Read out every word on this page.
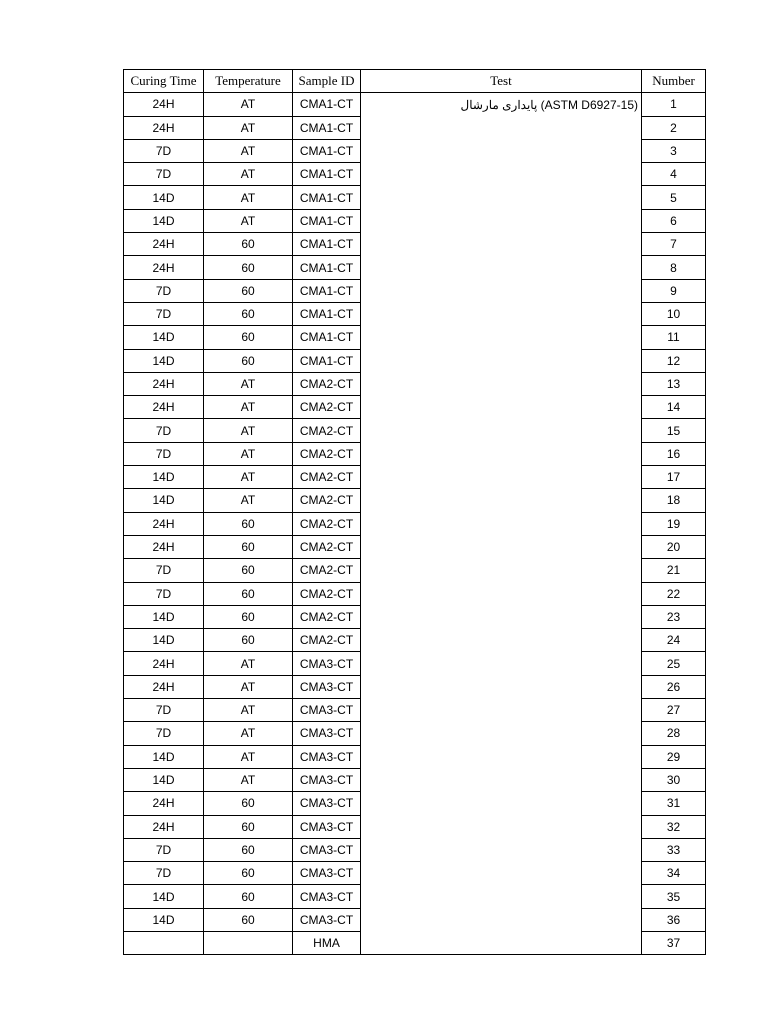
Curing Time	Temperature	Sample ID	Test	Number
24H	AT	CMA1-CT	پایداری مارشال (ASTM D6927-15)	1
24H	AT	CMA1-CT		2
7D	AT	CMA1-CT		3
7D	AT	CMA1-CT		4
14D	AT	CMA1-CT		5
14D	AT	CMA1-CT		6
24H	60	CMA1-CT		7
24H	60	CMA1-CT		8
7D	60	CMA1-CT		9
7D	60	CMA1-CT		10
14D	60	CMA1-CT		11
14D	60	CMA1-CT		12
24H	AT	CMA2-CT		13
24H	AT	CMA2-CT		14
7D	AT	CMA2-CT		15
7D	AT	CMA2-CT		16
14D	AT	CMA2-CT		17
14D	AT	CMA2-CT		18
24H	60	CMA2-CT		19
24H	60	CMA2-CT		20
7D	60	CMA2-CT		21
7D	60	CMA2-CT		22
14D	60	CMA2-CT		23
14D	60	CMA2-CT		24
24H	AT	CMA3-CT		25
24H	AT	CMA3-CT		26
7D	AT	CMA3-CT		27
7D	AT	CMA3-CT		28
14D	AT	CMA3-CT		29
14D	AT	CMA3-CT		30
24H	60	CMA3-CT		31
24H	60	CMA3-CT		32
7D	60	CMA3-CT		33
7D	60	CMA3-CT		34
14D	60	CMA3-CT		35
14D	60	CMA3-CT		36
		HMA		37
